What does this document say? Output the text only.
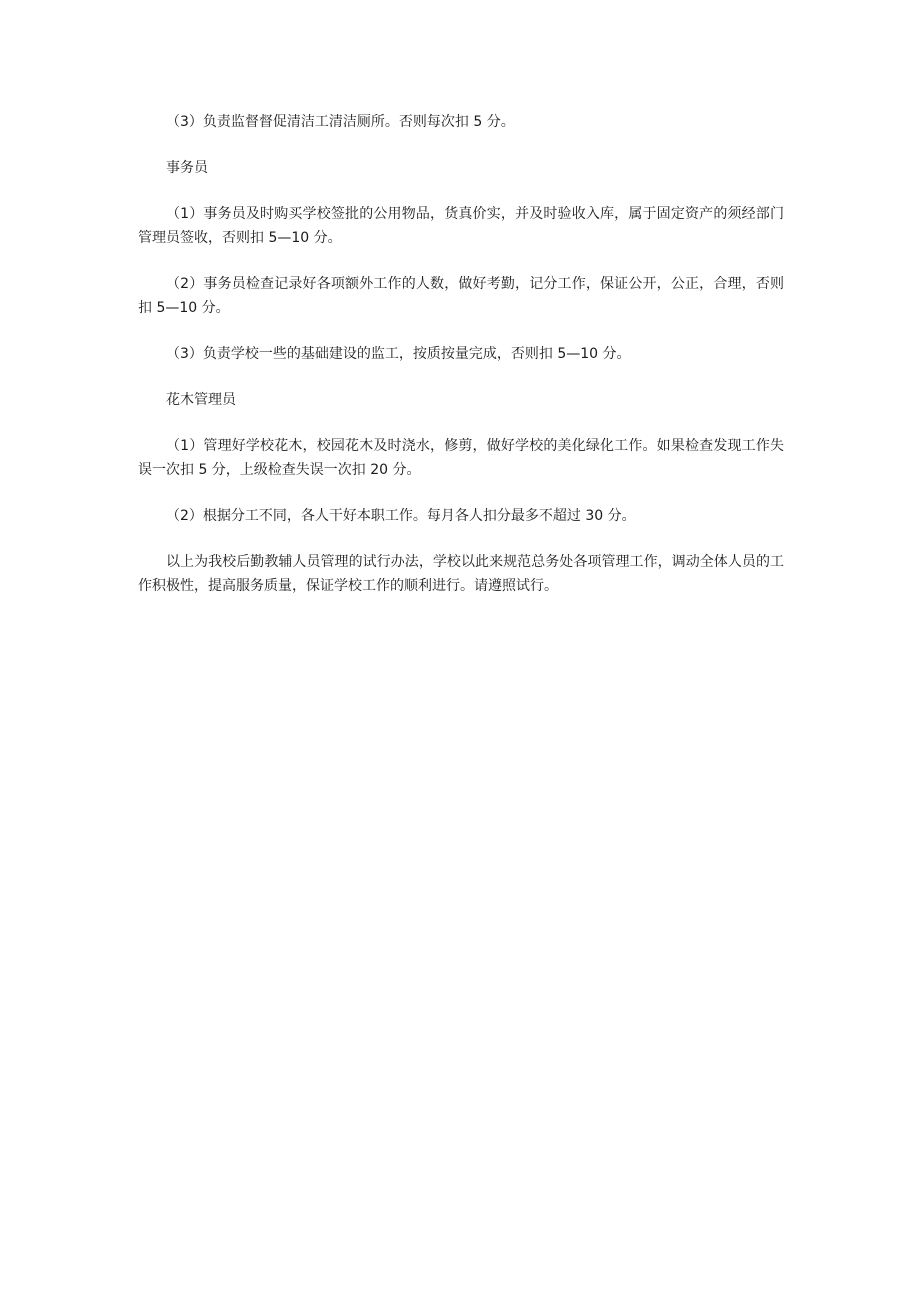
（3）负责监督督促清洁工清洁厕所。否则每次扣 5 分。

事务员

（1）事务员及时购买学校签批的公用物品，货真价实，并及时验收入库，属于固定资产的须经部门管理员签收，否则扣 5—10 分。

（2）事务员检查记录好各项额外工作的人数，做好考勤，记分工作，保证公开，公正，合理，否则扣 5—10 分。

（3）负责学校一些的基础建设的监工，按质按量完成，否则扣 5—10 分。

花木管理员

（1）管理好学校花木，校园花木及时浇水，修剪，做好学校的美化绿化工作。如果检查发现工作失误一次扣 5 分，上级检查失误一次扣 20 分。

（2）根据分工不同，各人干好本职工作。每月各人扣分最多不超过 30 分。

以上为我校后勤教辅人员管理的试行办法，学校以此来规范总务处各项管理工作，调动全体人员的工作积极性，提高服务质量，保证学校工作的顺利进行。请遵照试行。
